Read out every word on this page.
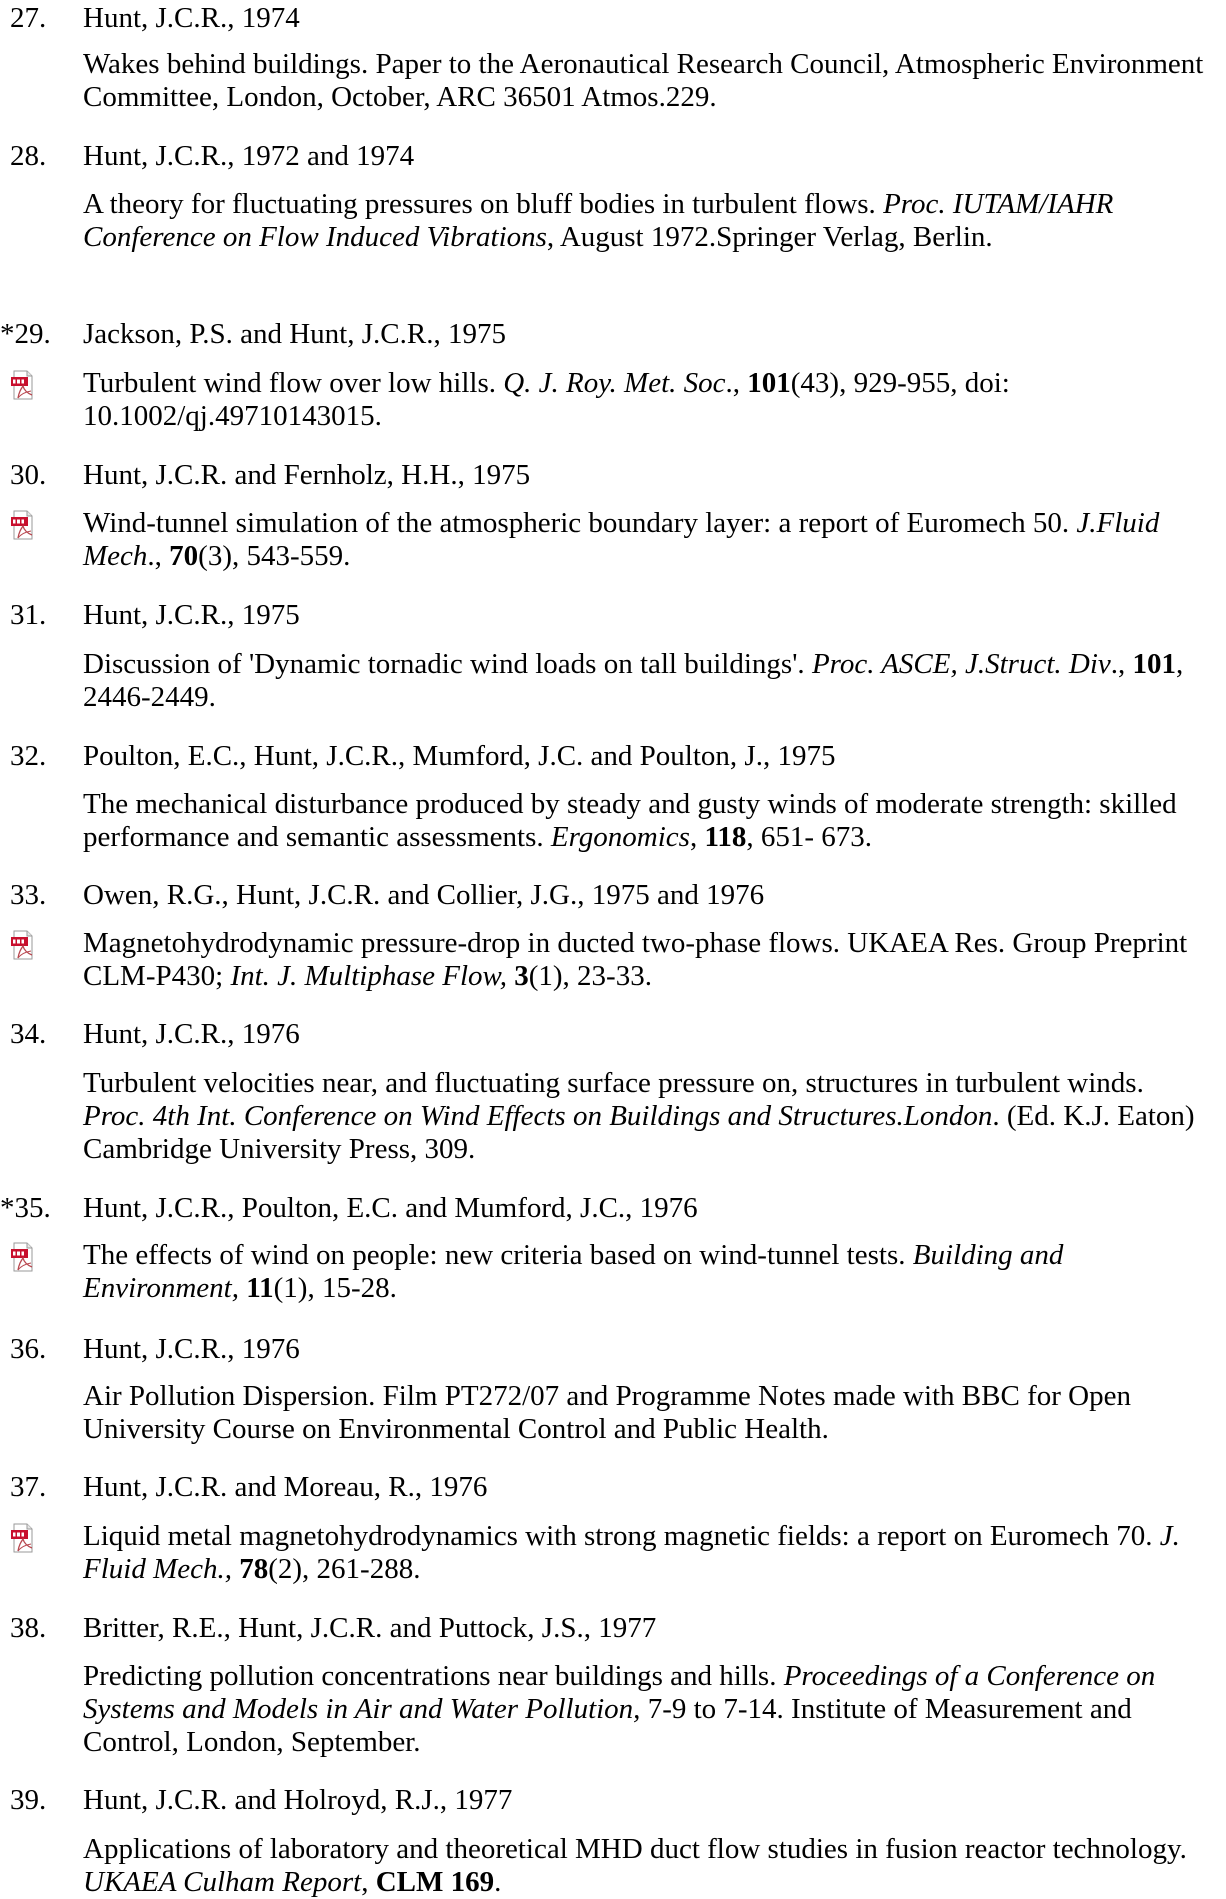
27. Hunt, J.C.R., 1974
Wakes behind buildings. Paper to the Aeronautical Research Council, Atmospheric Environment Committee, London, October, ARC 36501 Atmos.229.
28. Hunt, J.C.R., 1972 and 1974
A theory for fluctuating pressures on bluff bodies in turbulent flows. Proc. IUTAM/IAHR Conference on Flow Induced Vibrations, August 1972.Springer Verlag, Berlin.
*29. Jackson, P.S. and Hunt, J.C.R., 1975
Turbulent wind flow over low hills. Q. J. Roy. Met. Soc., 101(43), 929-955, doi: 10.1002/qj.49710143015.
30. Hunt, J.C.R. and Fernholz, H.H., 1975
Wind-tunnel simulation of the atmospheric boundary layer: a report of Euromech 50. J.Fluid Mech., 70(3), 543-559.
31. Hunt, J.C.R., 1975
Discussion of 'Dynamic tornadic wind loads on tall buildings'. Proc. ASCE, J.Struct. Div., 101, 2446-2449.
32. Poulton, E.C., Hunt, J.C.R., Mumford, J.C. and Poulton, J., 1975
The mechanical disturbance produced by steady and gusty winds of moderate strength: skilled performance and semantic assessments. Ergonomics, 118, 651- 673.
33. Owen, R.G., Hunt, J.C.R. and Collier, J.G., 1975 and 1976
Magnetohydrodynamic pressure-drop in ducted two-phase flows. UKAEA Res. Group Preprint CLM-P430; Int. J. Multiphase Flow, 3(1), 23-33.
34. Hunt, J.C.R., 1976
Turbulent velocities near, and fluctuating surface pressure on, structures in turbulent winds. Proc. 4th Int. Conference on Wind Effects on Buildings and Structures.London. (Ed. K.J. Eaton) Cambridge University Press, 309.
*35. Hunt, J.C.R., Poulton, E.C. and Mumford, J.C., 1976
The effects of wind on people: new criteria based on wind-tunnel tests. Building and Environment, 11(1), 15-28.
36. Hunt, J.C.R., 1976
Air Pollution Dispersion. Film PT272/07 and Programme Notes made with BBC for Open University Course on Environmental Control and Public Health.
37. Hunt, J.C.R. and Moreau, R., 1976
Liquid metal magnetohydrodynamics with strong magnetic fields: a report on Euromech 70. J. Fluid Mech., 78(2), 261-288.
38. Britter, R.E., Hunt, J.C.R. and Puttock, J.S., 1977
Predicting pollution concentrations near buildings and hills. Proceedings of a Conference on Systems and Models in Air and Water Pollution, 7-9 to 7-14. Institute of Measurement and Control, London, September.
39. Hunt, J.C.R. and Holroyd, R.J., 1977
Applications of laboratory and theoretical MHD duct flow studies in fusion reactor technology. UKAEA Culham Report, CLM 169.
